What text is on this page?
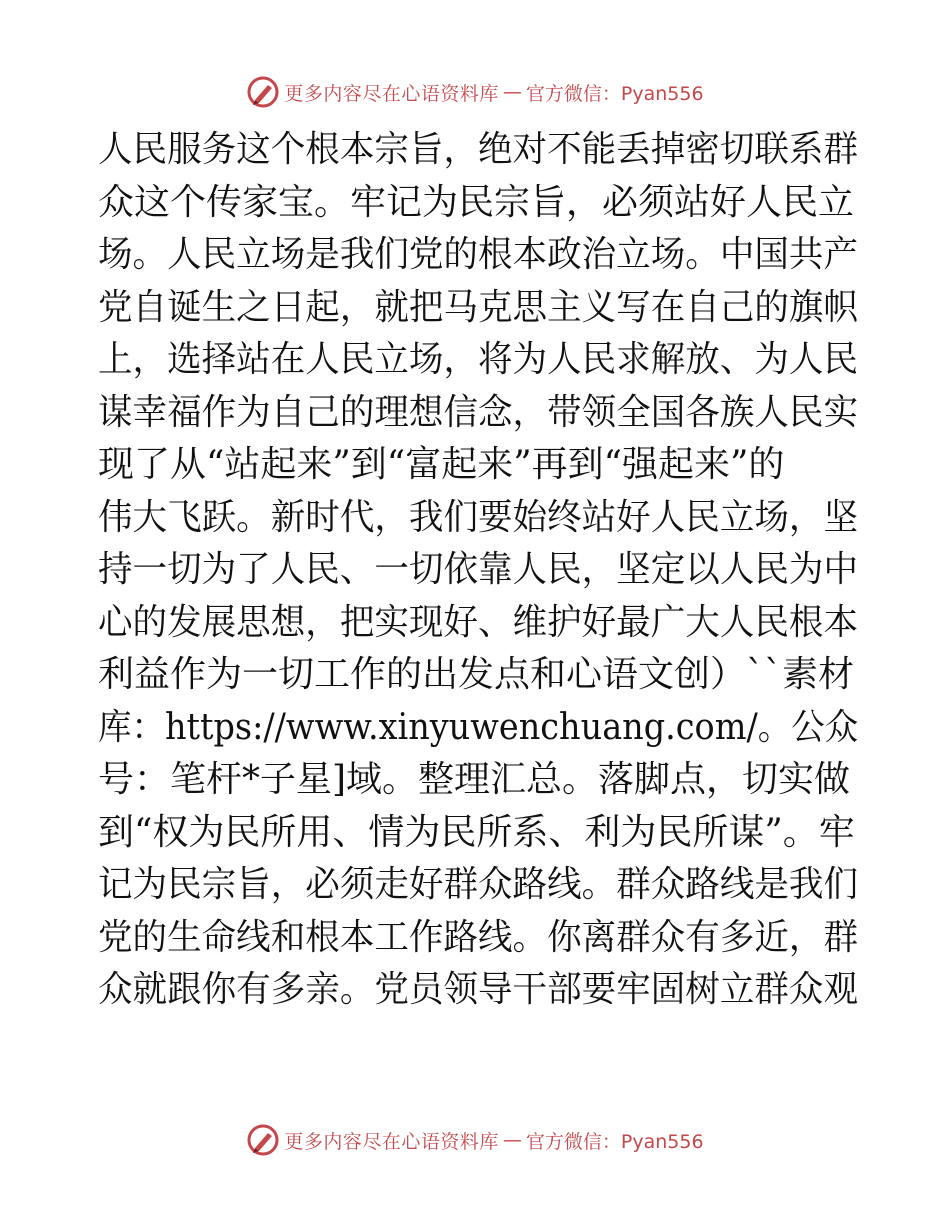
更多内容尽在心语资料库 — 官方微信：Pyan556
人民服务这个根本宗旨，绝对不能丢掉密切联系群
众这个传家宝。牢记为民宗旨，必须站好人民立
场。人民立场是我们党的根本政治立场。中国共产
党自诞生之日起，就把马克思主义写在自己的旗帜
上，选择站在人民立场，将为人民求解放、为人民
谋幸福作为自己的理想信念，带领全国各族人民实
现了从“站起来”到“富起来”再到“强起来”的
伟大飞跃。新时代，我们要始终站好人民立场，坚
持一切为了人民、一切依靠人民，坚定以人民为中
心的发展思想，把实现好、维护好最广大人民根本
利益作为一切工作的出发点和心语文创）``素材
库：https://www.xinyuwenchuang.com/。公众
号：笔杆*子星]域。整理汇总。落脚点，切实做
到“权为民所用、情为民所系、利为民所谋”。牢
记为民宗旨，必须走好群众路线。群众路线是我们
党的生命线和根本工作路线。你离群众有多近，群
众就跟你有多亲。党员领导干部要牢固树立群众观
更多内容尽在心语资料库 — 官方微信：Pyan556
